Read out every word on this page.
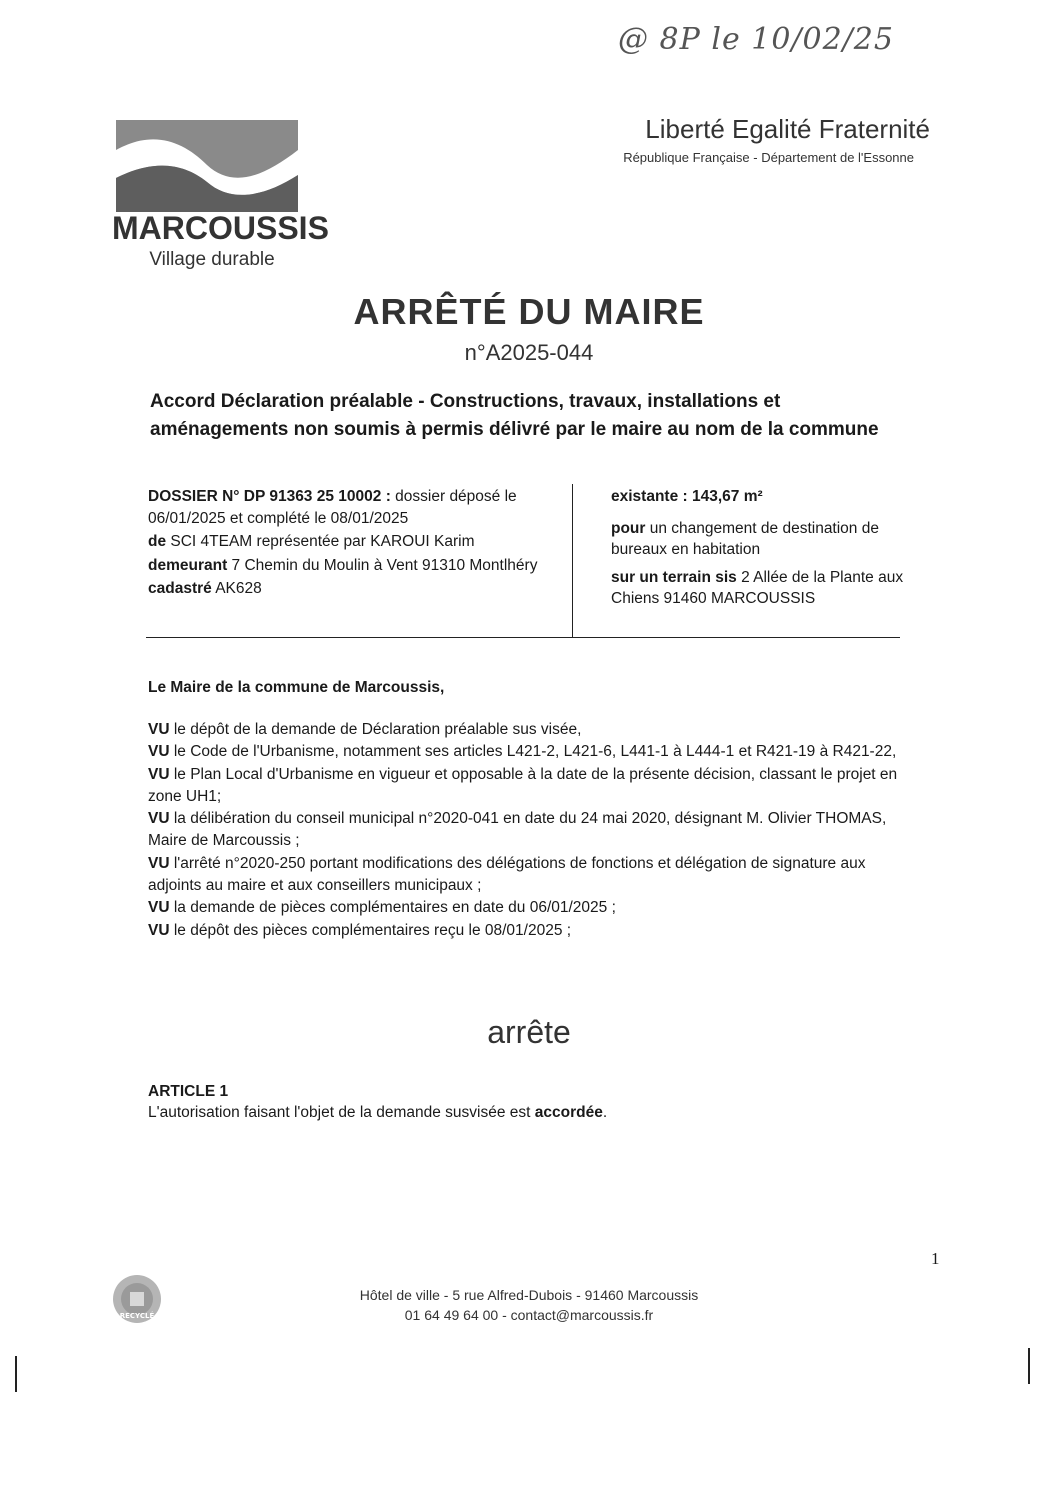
@ 8P le 10/02/25
MARCOUSSIS
Village durable
Liberté Egalité Fraternité
République Française - Département de l'Essonne
ARRÊTÉ DU MAIRE
n°A2025-044
Accord Déclaration préalable - Constructions, travaux, installations et aménagements non soumis à permis délivré par le maire au nom de la commune
DOSSIER N° DP 91363 25 10002 : dossier déposé le 06/01/2025 et complété le 08/01/2025
de SCI 4TEAM représentée par KAROUI Karim
demeurant 7 Chemin du Moulin à Vent 91310 Montlhéry
cadastré AK628
existante : 143,67 m²
pour un changement de destination de bureaux en habitation
sur un terrain sis 2 Allée de la Plante aux Chiens 91460 MARCOUSSIS
Le Maire de la commune de Marcoussis,

VU le dépôt de la demande de Déclaration préalable sus visée,

VU le Code de l'Urbanisme, notamment ses articles L421-2, L421-6, L441-1 à L444-1 et R421-19 à R421-22,

VU le Plan Local d'Urbanisme en vigueur et opposable à la date de la présente décision, classant le projet en zone UH1;

VU la délibération du conseil municipal n°2020-041 en date du 24 mai 2020, désignant M. Olivier THOMAS, Maire de Marcoussis ;

VU l'arrêté n°2020-250 portant modifications des délégations de fonctions et délégation de signature aux adjoints au maire et aux conseillers municipaux ;

VU la demande de pièces complémentaires en date du 06/01/2025 ;

VU le dépôt des pièces complémentaires reçu le 08/01/2025 ;

arrête
ARTICLE 1
L'autorisation faisant l'objet de la demande susvisée est accordée.
1
RECYCLÉ
Hôtel de ville - 5 rue Alfred-Dubois - 91460 Marcoussis
01 64 49 64 00 - contact@marcoussis.fr
